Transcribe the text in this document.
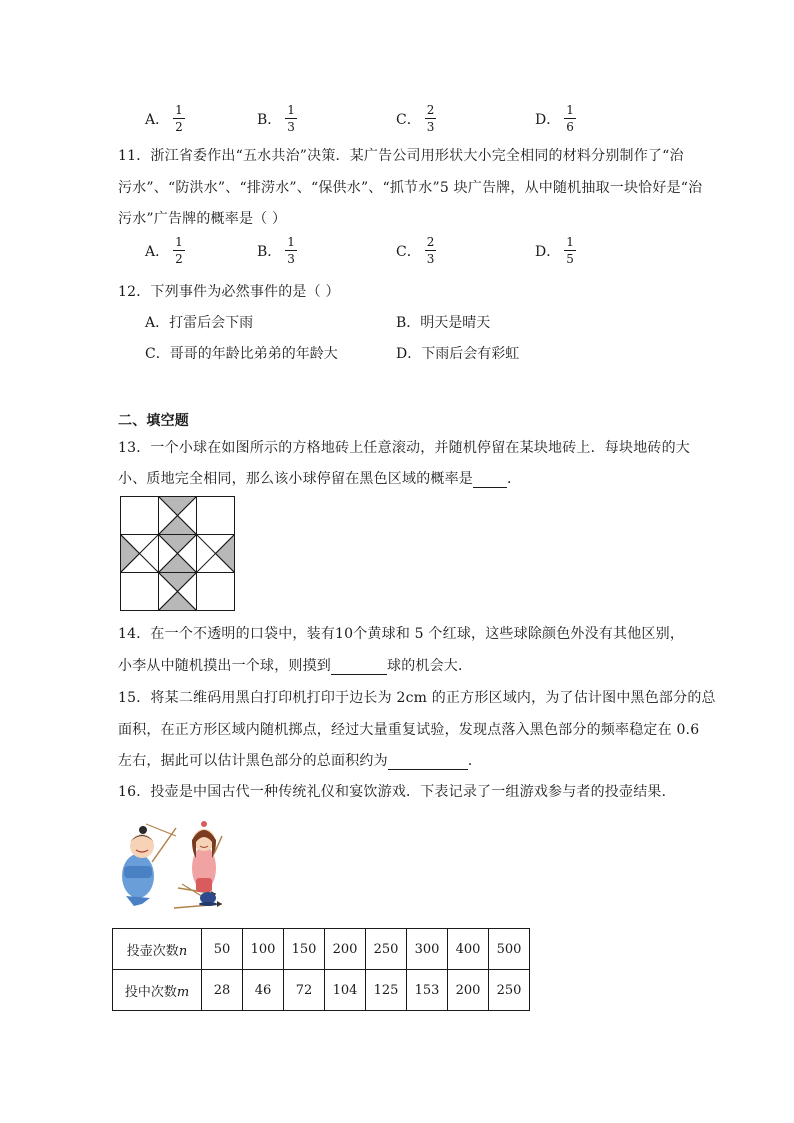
A． $\frac{1}{2}$	B． $\frac{1}{3}$	C． $\frac{2}{3}$	D． $\frac{1}{6}$
11．浙江省委作出“五水共治”决策．某广告公司用形状大小完全相同的材料分别制作了“治
污水”、“防洪水”、“排涝水”、“保供水”、“抓节水”5 块广告牌，从中随机抽取一块恰好是“治
污水”广告牌的概率是（ ）
A． $\frac{1}{2}$	B． $\frac{1}{3}$	C． $\frac{2}{3}$	D． $\frac{1}{5}$
12．下列事件为必然事件的是（ ）
A．打雷后会下雨	B．明天是晴天
C．哥哥的年龄比弟弟的年龄大	D．下雨后会有彩虹
二、填空题
13．一个小球在如图所示的方格地砖上任意滚动，并随机停留在某块地砖上．每块地砖的大
小、质地完全相同，那么该小球停留在黑色区域的概率是 ．
14．在一个不透明的口袋中，装有10个黄球和 5 个红球，这些球除颜色外没有其他区别，
小李从中随机摸出一个球，则摸到	球的机会大．
15．将某二维码用黑白打印机打印于边长为 2cm 的正方形区域内，为了估计图中黑色部分的总
面积，在正方形区域内随机掷点，经过大量重复试验，发现点落入黑色部分的频率稳定在 0.6
左右，据此可以估计黑色部分的总面积约为	．
16．投壶是中国古代一种传统礼仪和宴饮游戏．下表记录了一组游戏参与者的投壶结果．
投壶次数n	50	100	150	200	250	300	400	500
投中次数m	28	46	72	104	125	153	200	250
